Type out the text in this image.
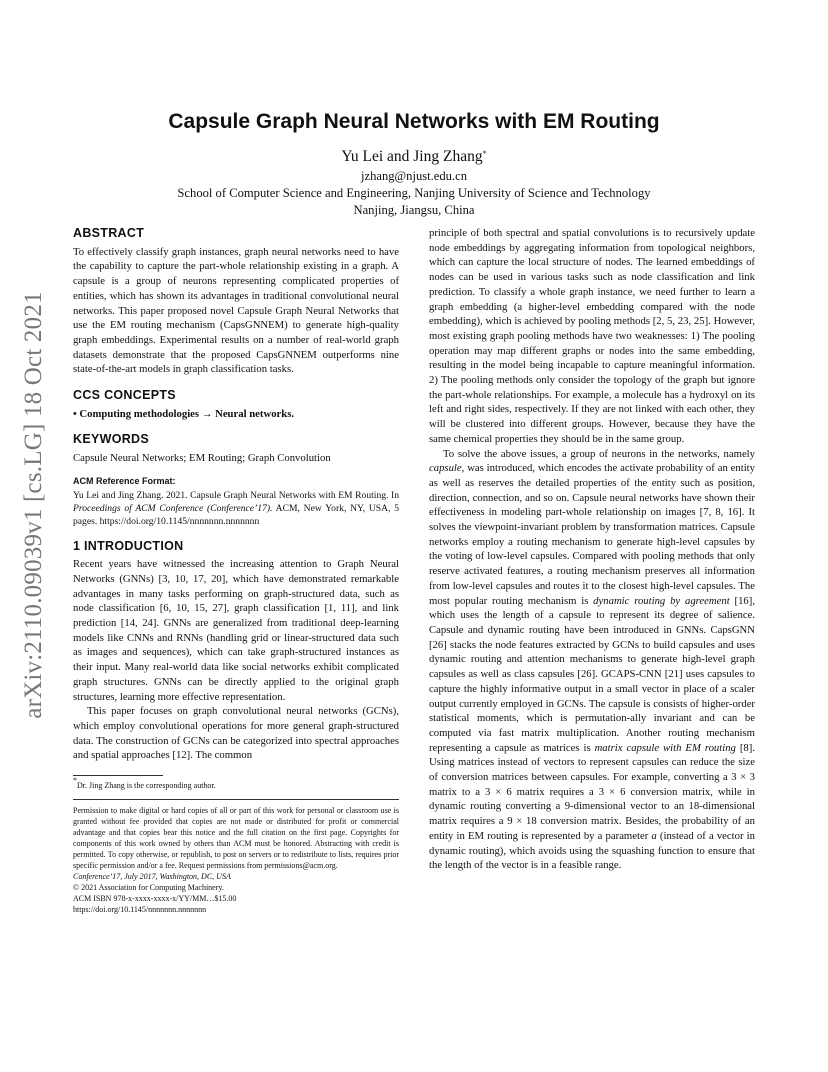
arXiv:2110.09039v1 [cs.LG] 18 Oct 2021
Capsule Graph Neural Networks with EM Routing
Yu Lei and Jing Zhang*
jzhang@njust.edu.cn
School of Computer Science and Engineering, Nanjing University of Science and Technology
Nanjing, Jiangsu, China
ABSTRACT

To effectively classify graph instances, graph neural networks need to have the capability to capture the part-whole relationship existing in a graph. A capsule is a group of neurons representing complicated properties of entities, which has shown its advantages in traditional convolutional neural networks. This paper proposed novel Capsule Graph Neural Networks that use the EM routing mechanism (CapsGNNEM) to generate high-quality graph embeddings. Experimental results on a number of real-world graph datasets demonstrate that the proposed CapsGNNEM outperforms nine state-of-the-art models in graph classification tasks.

CCS CONCEPTS

• Computing methodologies → Neural networks.

KEYWORDS

Capsule Neural Networks; EM Routing; Graph Convolution

ACM Reference Format:

Yu Lei and Jing Zhang. 2021. Capsule Graph Neural Networks with EM Routing. In Proceedings of ACM Conference (Conference’17). ACM, New York, NY, USA, 5 pages. https://doi.org/10.1145/nnnnnnn.nnnnnnn

1 INTRODUCTION

Recent years have witnessed the increasing attention to Graph Neural Networks (GNNs) [3, 10, 17, 20], which have demonstrated remarkable advantages in many tasks performing on graph-structured data, such as node classification [6, 10, 15, 27], graph classification [1, 11], and link prediction [14, 24]. GNNs are generalized from traditional deep-learning models like CNNs and RNNs (handling grid or linear-structured data such as images and sequences), which can take graph-structured instances as their input. Many real-world data like social networks exhibit complicated graph structures. GNNs can be directly applied to the original graph structures, learning more effective representation.

This paper focuses on graph convolutional neural networks (GCNs), which employ convolutional operations for more general graph-structured data. The construction of GCNs can be categorized into spectral approaches and spatial approaches [12]. The common

*Dr. Jing Zhang is the corresponding author.
Permission to make digital or hard copies of all or part of this work for personal or classroom use is granted without fee provided that copies are not made or distributed for profit or commercial advantage and that copies bear this notice and the full citation on the first page. Copyrights for components of this work owned by others than ACM must be honored. Abstracting with credit is permitted. To copy otherwise, or republish, to post on servers or to redistribute to lists, requires prior specific permission and/or a fee. Request permissions from permissions@acm.org.
Conference’17, July 2017, Washington, DC, USA
© 2021 Association for Computing Machinery.
ACM ISBN 978-x-xxxx-xxxx-x/YY/MM…$15.00
https://doi.org/10.1145/nnnnnnn.nnnnnnn

principle of both spectral and spatial convolutions is to recursively update node embeddings by aggregating information from topological neighbors, which can capture the local structure of nodes. The learned embeddings of nodes can be used in various tasks such as node classification and link prediction. To classify a whole graph instance, we need further to learn a graph embedding (a higher-level embedding compared with the node embedding), which is achieved by pooling methods [2, 5, 23, 25]. However, most existing graph pooling methods have two weaknesses: 1) The pooling operation may map different graphs or nodes into the same embedding, resulting in the model being incapable to capture meaningful information. 2) The pooling methods only consider the topology of the graph but ignore the part-whole relationships. For example, a molecule has a hydroxyl on its left and right sides, respectively. If they are not linked with each other, they will be clustered into different groups. However, because they have the same chemical properties they should be in the same group.

To solve the above issues, a group of neurons in the networks, namely capsule, was introduced, which encodes the activate probability of an entity as well as reserves the detailed properties of the entity such as position, direction, connection, and so on. Capsule neural networks have shown their effectiveness in modeling part-whole relationship on images [7, 8, 16]. It solves the viewpoint-invariant problem by transformation matrices. Capsule networks employ a routing mechanism to generate high-level capsules by the voting of low-level capsules. Compared with pooling methods that only reserve activated features, a routing mechanism preserves all information from low-level capsules and routes it to the closest high-level capsules. The most popular routing mechanism is dynamic routing by agreement [16], which uses the length of a capsule to represent its degree of salience. Capsule and dynamic routing have been introduced in GNNs. CapsGNN [26] stacks the node features extracted by GCNs to build capsules and uses dynamic routing and attention mechanisms to generate high-level graph capsules as well as class capsules [26]. GCAPS-CNN [21] uses capsules to capture the highly informative output in a small vector in place of a scaler output currently employed in GCNs. The capsule is consists of higher-order statistical moments, which is permutation-ally invariant and can be computed via fast matrix multiplication. Another routing mechanism representing a capsule as matrices is matrix capsule with EM routing [8]. Using matrices instead of vectors to represent capsules can reduce the size of conversion matrices between capsules. For example, converting a 3 × 3 matrix to a 3 × 6 matrix requires a 3 × 6 conversion matrix, while in dynamic routing converting a 9-dimensional vector to an 18-dimensional matrix requires a 9 × 18 conversion matrix. Besides, the probability of an entity in EM routing is represented by a parameter a (instead of a vector in dynamic routing), which avoids using the squashing function to ensure that the length of the vector is in a feasible range.
